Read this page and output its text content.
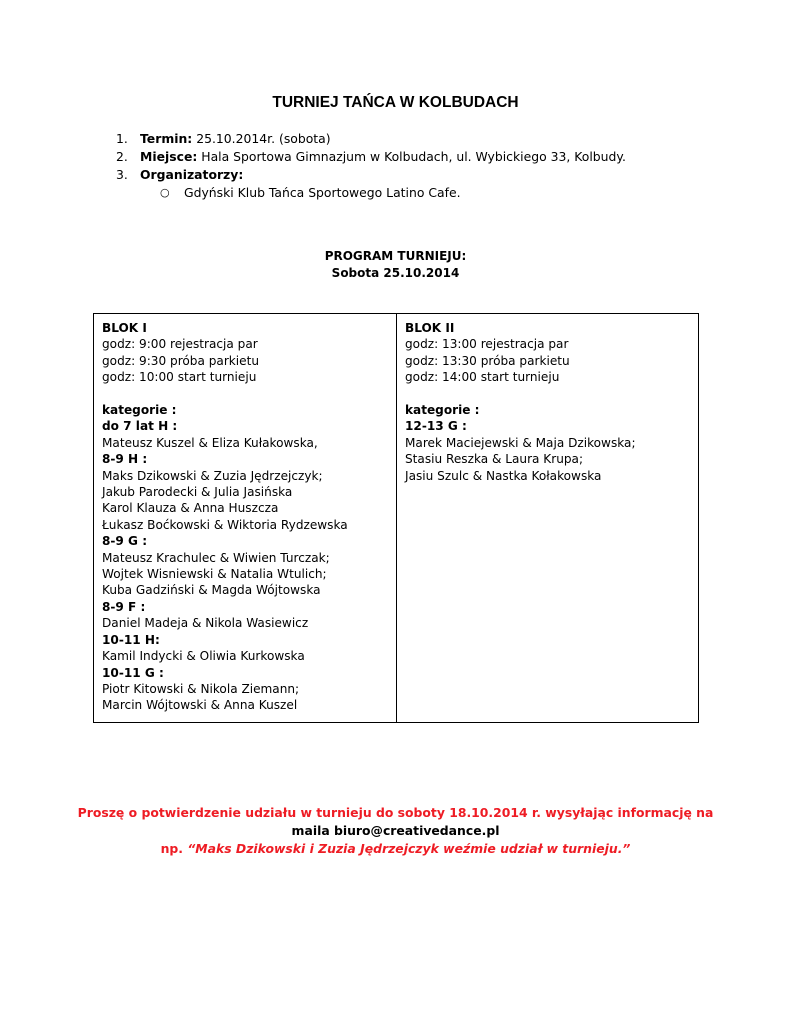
TURNIEJ TAŃCA W KOLBUDACH
1. Termin: 25.10.2014r. (sobota)
2. Miejsce: Hala Sportowa Gimnazjum w Kolbudach, ul. Wybickiego 33, Kolbudy.
3. Organizatorzy:
○ Gdyński Klub Tańca Sportowego Latino Cafe.
PROGRAM TURNIEJU:
Sobota 25.10.2014
BLOK I
godz: 9:00 rejestracja par
godz: 9:30 próba parkietu
godz: 10:00 start turnieju
kategorie :
do 7 lat H :
Mateusz Kuszel & Eliza Kułakowska,
8-9 H :
Maks Dzikowski & Zuzia Jędrzejczyk;
Jakub Parodecki & Julia Jasińska
Karol Klauza & Anna Huszcza
Łukasz Boćkowski & Wiktoria Rydzewska
8-9 G :
Mateusz Krachulec & Wiwien Turczak;
Wojtek Wisniewski & Natalia Wtulich;
Kuba Gadziński & Magda Wójtowska
8-9 F :
Daniel Madeja & Nikola Wasiewicz
10-11 H:
Kamil Indycki & Oliwia Kurkowska
10-11 G :
Piotr Kitowski & Nikola Ziemann;
Marcin Wójtowski & Anna Kuszel

BLOK II
godz: 13:00 rejestracja par
godz: 13:30 próba parkietu
godz: 14:00 start turnieju
kategorie :
12-13 G :
Marek Maciejewski & Maja Dzikowska;
Stasiu Reszka & Laura Krupa;
Jasiu Szulc & Nastka Kołakowska
Proszę o potwierdzenie udziału w turnieju do soboty 18.10.2014 r. wysyłając informację na
maila biuro@creativedance.pl
np. “Maks Dzikowski i Zuzia Jędrzejczyk weźmie udział w turnieju.”
